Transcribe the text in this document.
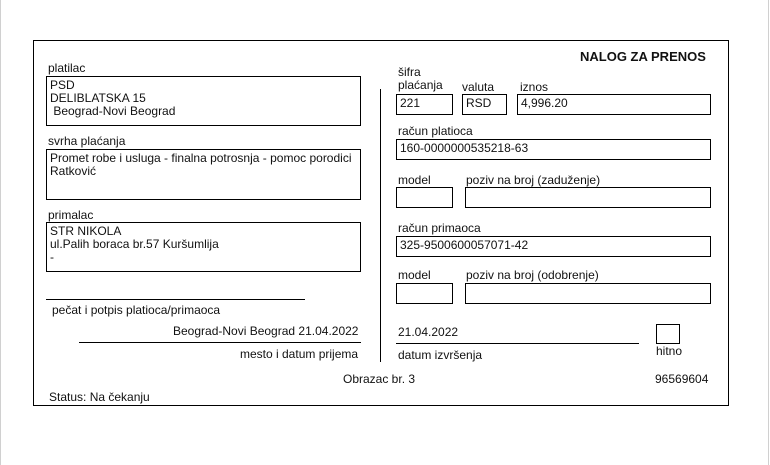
NALOG ZA PRENOS
platilac
PSD
DELIBLATSKA 15
Beograd-Novi Beograd
svrha plaćanja
Promet robe i usluga - finalna potrosnja - pomoc porodici
Ratković
primalac
STR NIKOLA
ul.Palih boraca br.57 Kuršumlija
-
pečat i potpis platioca/primaoca
Beograd-Novi Beograd 21.04.2022
mesto i datum prijema
šifra
plaćanja valuta iznos
221	RSD 4,996.20
račun platioca
160-0000000535218-63
model	poziv na broj (zaduženje)
račun primaoca
325-9500600057071-42
model	poziv na broj (odobrenje)
21.04.2022
datum izvršenja	hitno
Obrazac br. 3	96569604
Status: Na čekanju
